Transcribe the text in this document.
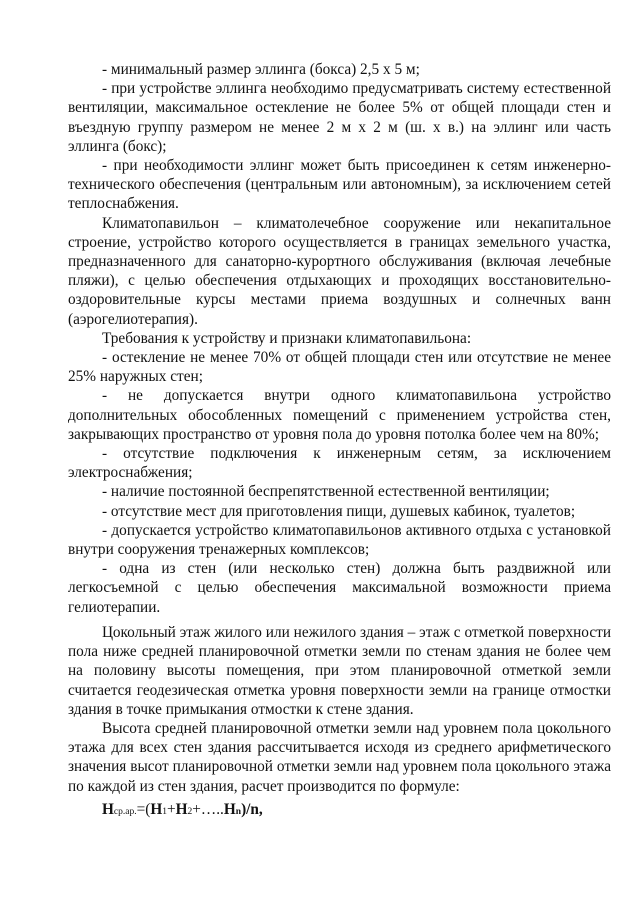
- минимальный размер эллинга (бокса) 2,5 х 5 м;

- при устройстве эллинга необходимо предусматривать систему естественной вентиляции, максимальное остекление не более 5% от общей площади стен и въездную группу размером не менее 2 м х 2 м (ш. х в.) на эллинг или часть эллинга (бокс);

- при необходимости эллинг может быть присоединен к сетям инженерно-технического обеспечения (центральным или автономным), за исключением сетей теплоснабжения.

Климатопавильон – климатолечебное сооружение или некапитальное строение, устройство которого осуществляется в границах земельного участка, предназначенного для санаторно-курортного обслуживания (включая лечебные пляжи), с целью обеспечения отдыхающих и проходящих восстановительно-оздоровительные курсы местами приема воздушных и солнечных ванн (аэрогелиотерапия).

Требования к устройству и признаки климатопавильона:

- остекление не менее 70% от общей площади стен или отсутствие не менее 25% наружных стен;

- не допускается внутри одного климатопавильона устройство дополнительных обособленных помещений с применением устройства стен, закрывающих пространство от уровня пола до уровня потолка более чем на 80%;

- отсутствие подключения к инженерным сетям, за исключением электроснабжения;

- наличие постоянной беспрепятственной естественной вентиляции;

- отсутствие мест для приготовления пищи, душевых кабинок, туалетов;

- допускается устройство климатопавильонов активного отдыха с установкой внутри сооружения тренажерных комплексов;

- одна из стен (или несколько стен) должна быть раздвижной или легкосъемной с целью обеспечения максимальной возможности приема гелиотерапии.

Цокольный этаж жилого или нежилого здания – этаж с отметкой поверхности пола ниже средней планировочной отметки земли по стенам здания не более чем на половину высоты помещения, при этом планировочной отметкой земли считается геодезическая отметка уровня поверхности земли на границе отмостки здания в точке примыкания отмостки к стене здания.

Высота средней планировочной отметки земли над уровнем пола цокольного этажа для всех стен здания рассчитывается исходя из среднего арифметического значения высот планировочной отметки земли над уровнем пола цокольного этажа по каждой из стен здания, расчет производится по формуле:

Hср.ар.=(H1+H2+…..Hn)/n,
